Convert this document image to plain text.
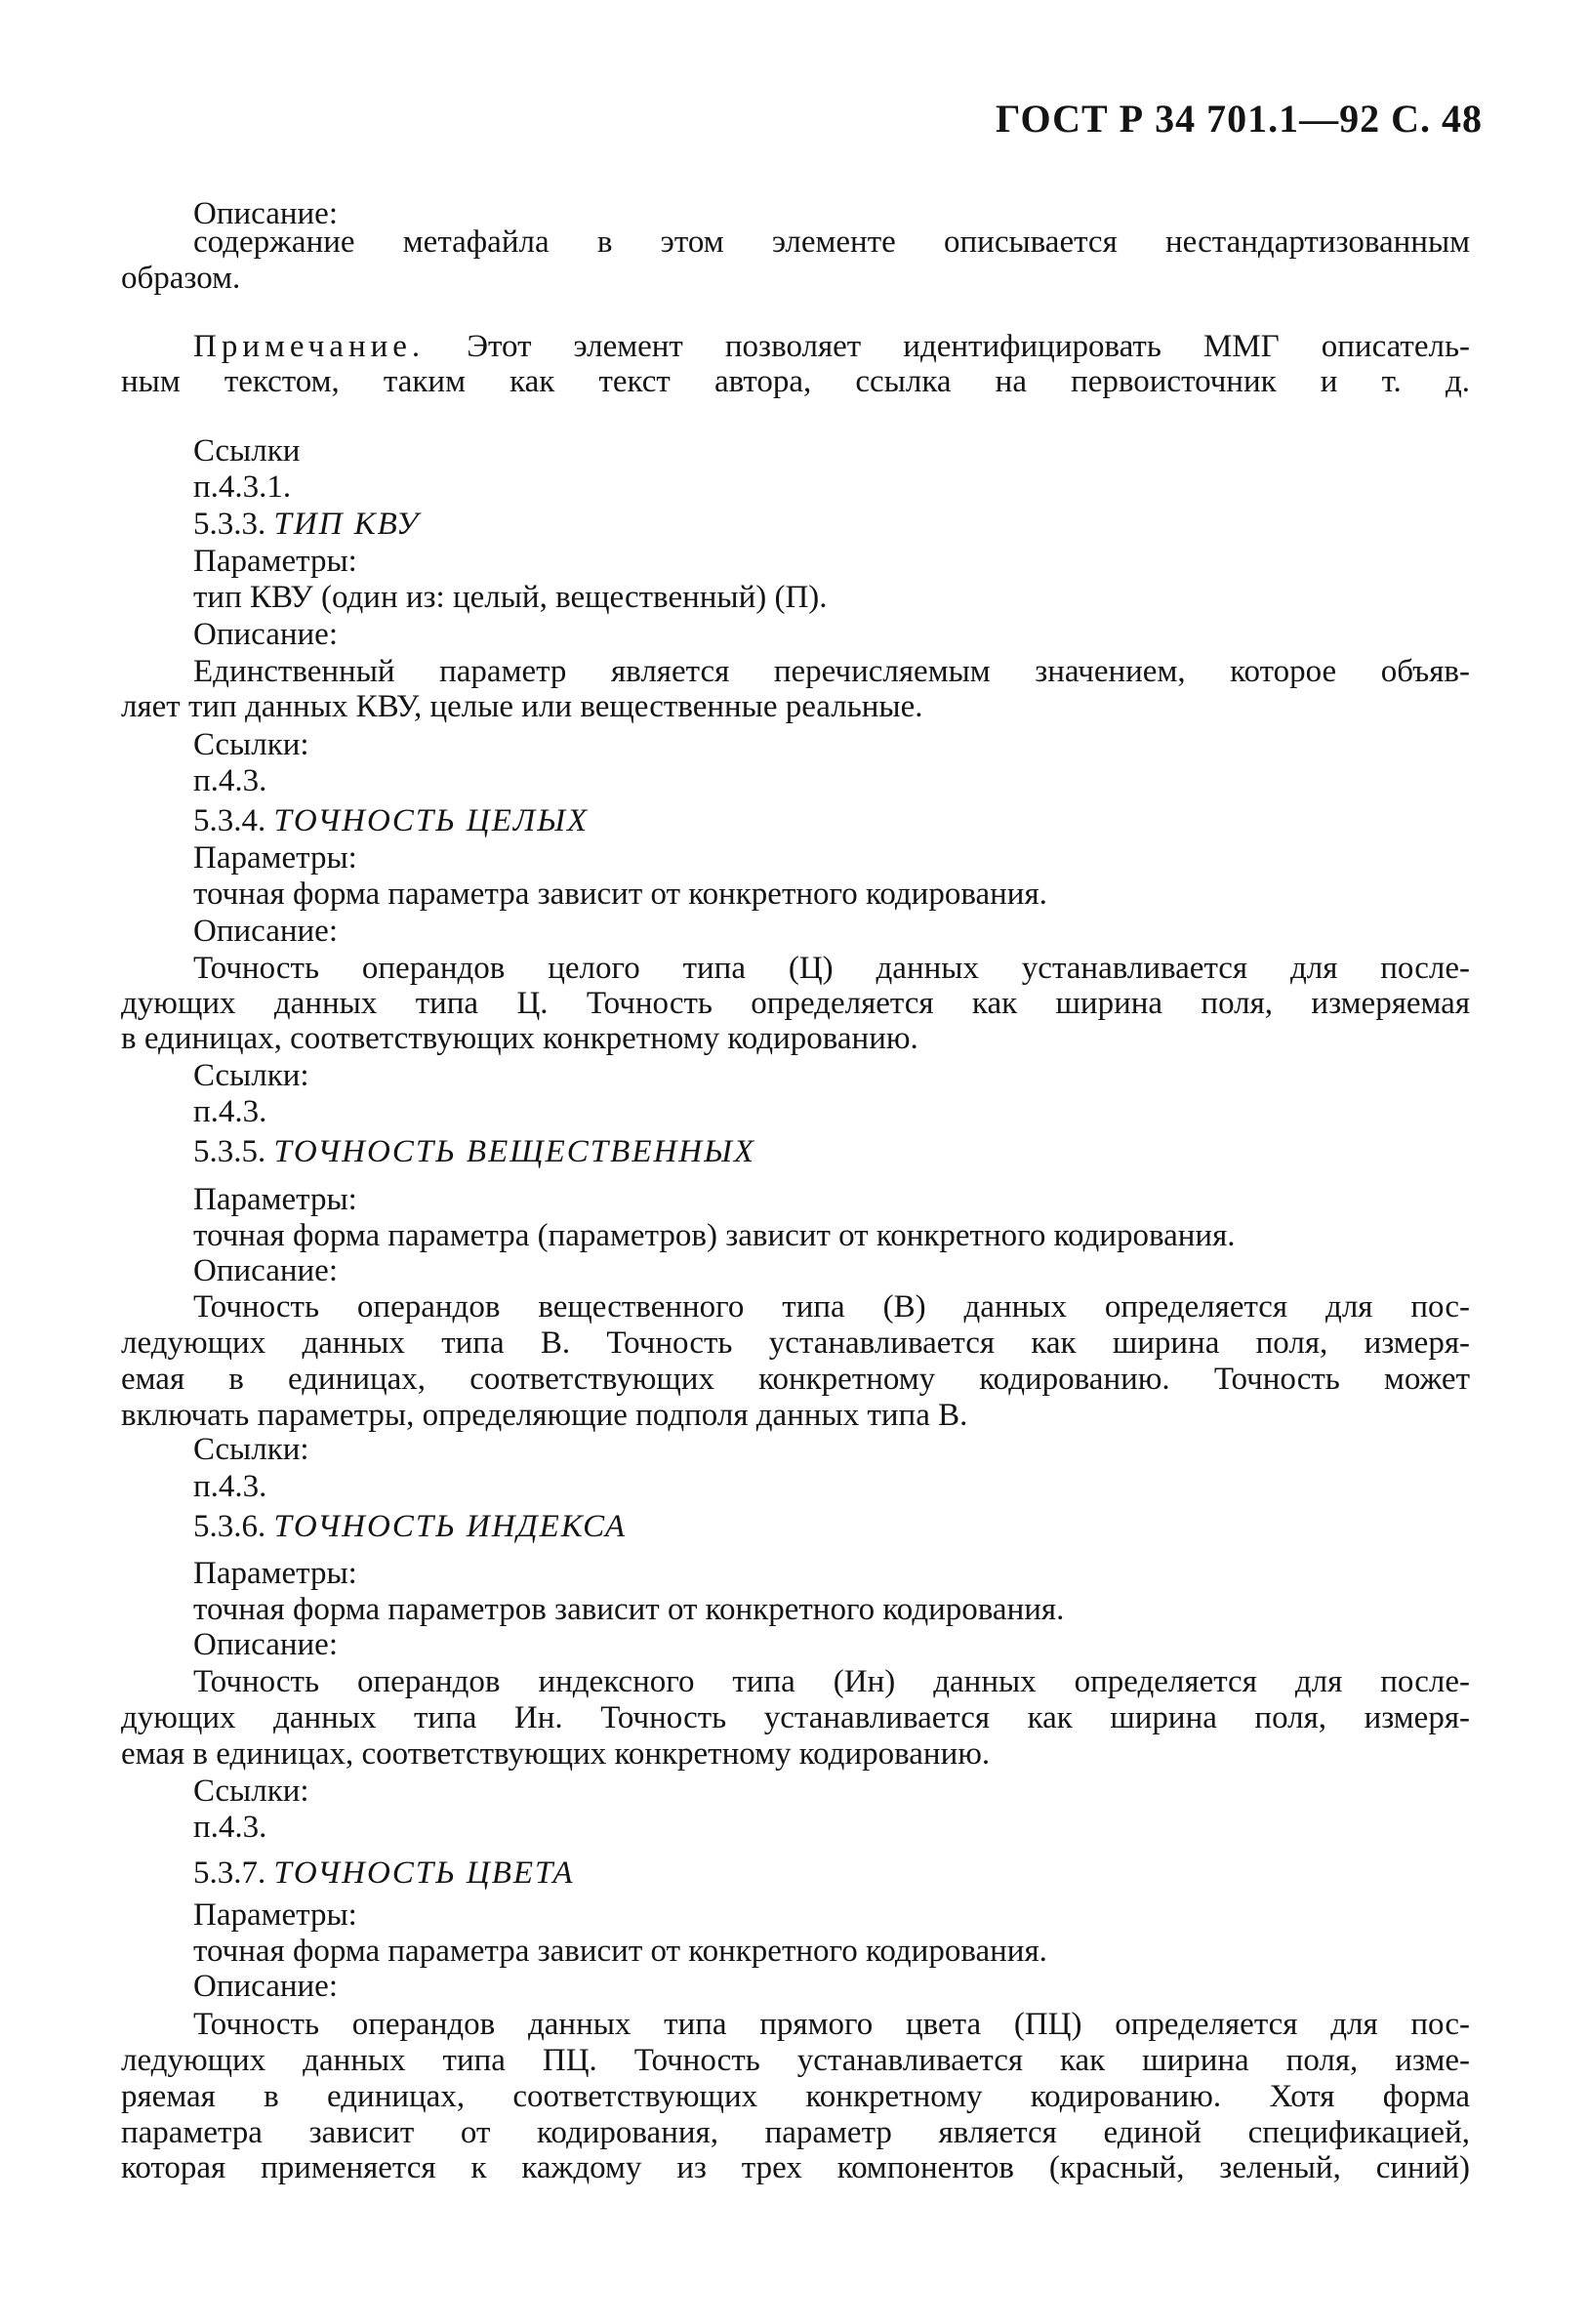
ГОСТ Р 34 701.1—92 С. 48

Описание:

содержание метафайла в этом элементе описывается нестандартизованным

образом.

Примечание. Этот элемент позволяет идентифицировать ММГ описатель-

ным текстом, таким как текст автора, ссылка на первоисточник и т. д.

Ссылки

п.4.3.1.

5.3.3. ТИП КВУ

Параметры:

тип КВУ (один из: целый, вещественный) (П).

Описание:

Единственный параметр является перечисляемым значением, которое объяв-

ляет тип данных КВУ, целые или вещественные реальные.

Ссылки:

п.4.3.

5.3.4. ТОЧНОСТЬ ЦЕЛЫХ

Параметры:

точная форма параметра зависит от конкретного кодирования.

Описание:

Точность операндов целого типа (Ц) данных устанавливается для после-

дующих данных типа Ц. Точность определяется как ширина поля, измеряемая

в единицах, соответствующих конкретному кодированию.

Ссылки:

п.4.3.

5.3.5. ТОЧНОСТЬ ВЕЩЕСТВЕННЫХ

Параметры:

точная форма параметра (параметров) зависит от конкретного кодирования.

Описание:

Точность операндов вещественного типа (В) данных определяется для пос-

ледующих данных типа В. Точность устанавливается как ширина поля, измеря-

емая в единицах, соответствующих конкретному кодированию. Точность может

включать параметры, определяющие подполя данных типа В.

Ссылки:

п.4.3.

5.3.6. ТОЧНОСТЬ ИНДЕКСА

Параметры:

точная форма параметров зависит от конкретного кодирования.

Описание:

Точность операндов индексного типа (Ин) данных определяется для после-

дующих данных типа Ин. Точность устанавливается как ширина поля, измеря-

емая в единицах, соответствующих конкретному кодированию.

Ссылки:

п.4.3.

5.3.7. ТОЧНОСТЬ ЦВЕТА

Параметры:

точная форма параметра зависит от конкретного кодирования.

Описание:

Точность операндов данных типа прямого цвета (ПЦ) определяется для пос-

ледующих данных типа ПЦ. Точность устанавливается как ширина поля, изме-

ряемая в единицах, соответствующих конкретному кодированию. Хотя форма

параметра зависит от кодирования, параметр является единой спецификацией,

которая применяется к каждому из трех компонентов (красный, зеленый, синий)
